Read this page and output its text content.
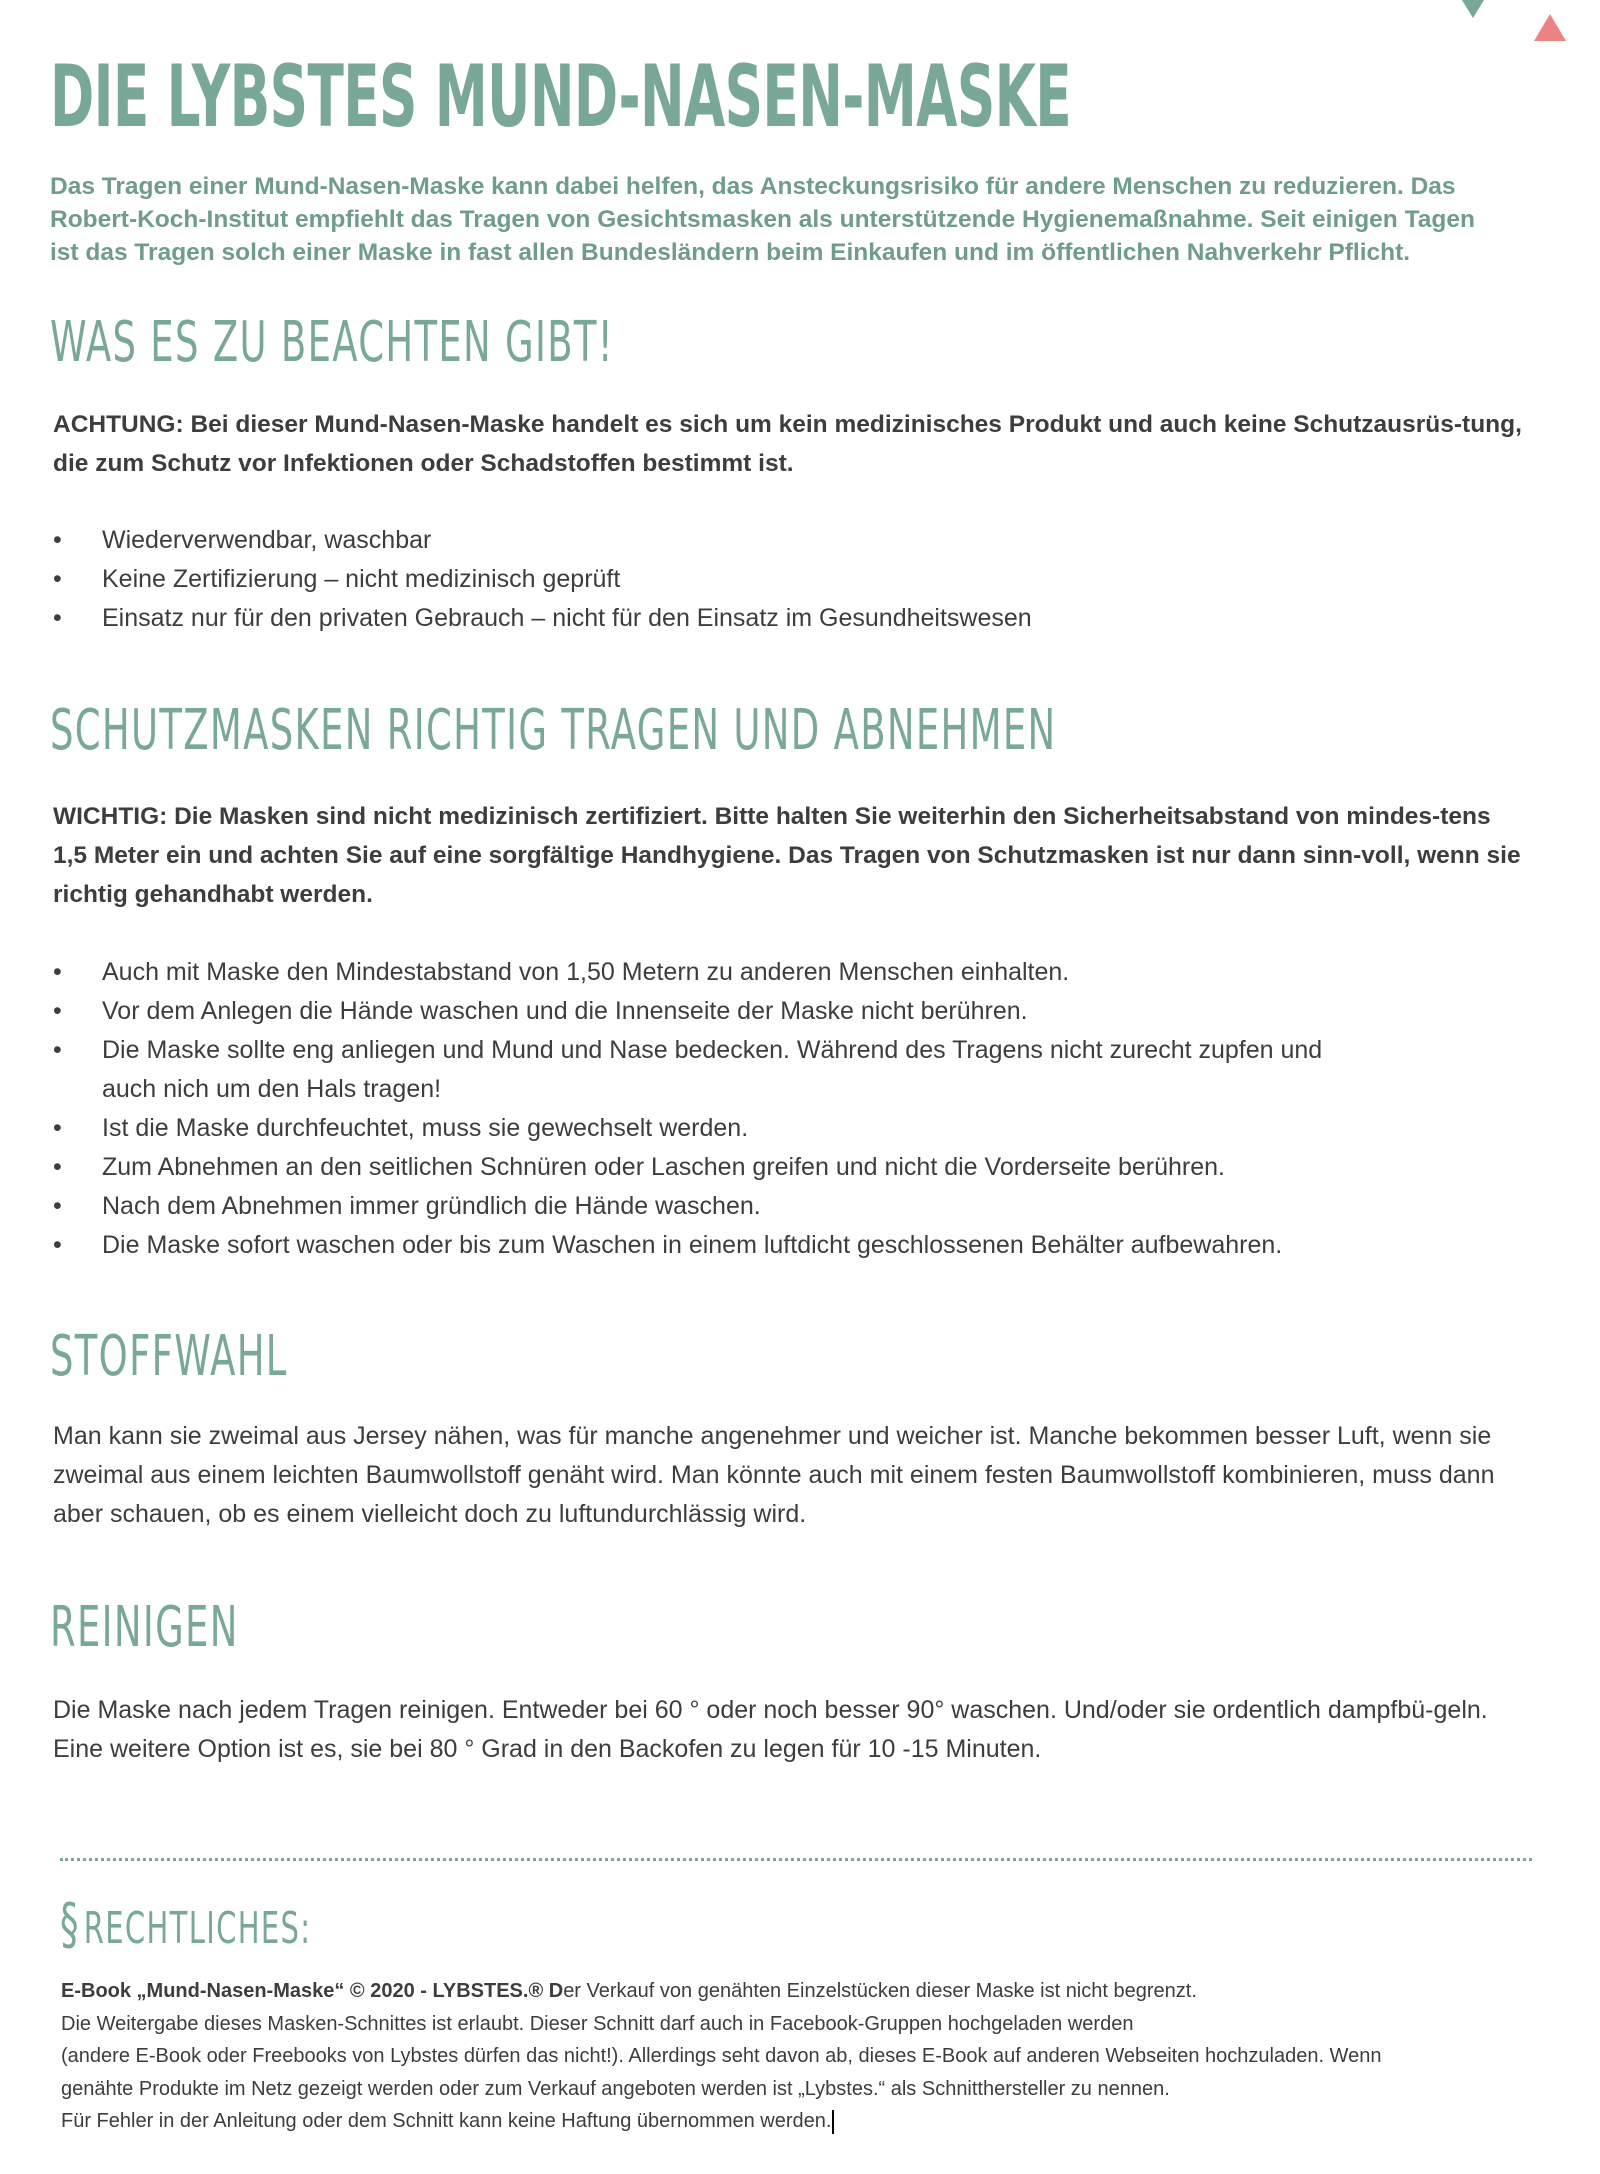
DIE LYBSTES MUND-NASEN-MASKE

Das Tragen einer Mund-Nasen-Maske kann dabei helfen, das Ansteckungsrisiko für andere Menschen zu reduzieren. Das Robert-Koch-Institut empfiehlt das Tragen von Gesichtsmasken als unterstützende Hygienemaßnahme. Seit einigen Tagen ist das Tragen solch einer Maske in fast allen Bundesländern beim Einkaufen und im öffentlichen Nahverkehr Pflicht.

WAS ES ZU BEACHTEN GIBT!

ACHTUNG: Bei dieser Mund-Nasen-Maske handelt es sich um kein medizinisches Produkt und auch keine Schutzausrüs-tung, die zum Schutz vor Infektionen oder Schadstoffen bestimmt ist.

• Wiederverwendbar, waschbar
• Keine Zertifizierung – nicht medizinisch geprüft
• Einsatz nur für den privaten Gebrauch – nicht für den Einsatz im Gesundheitswesen
SCHUTZMASKEN RICHTIG TRAGEN UND ABNEHMEN

WICHTIG: Die Masken sind nicht medizinisch zertifiziert. Bitte halten Sie weiterhin den Sicherheitsabstand von mindes-tens 1,5 Meter ein und achten Sie auf eine sorgfältige Handhygiene. Das Tragen von Schutzmasken ist nur dann sinn-voll, wenn sie richtig gehandhabt werden.

• Auch mit Maske den Mindestabstand von 1,50 Metern zu anderen Menschen einhalten.
• Vor dem Anlegen die Hände waschen und die Innenseite der Maske nicht berühren.
• Die Maske sollte eng anliegen und Mund und Nase bedecken. Während des Tragens nicht zurecht zupfen und auch nich um den Hals tragen!
• Ist die Maske durchfeuchtet, muss sie gewechselt werden.
• Zum Abnehmen an den seitlichen Schnüren oder Laschen greifen und nicht die Vorderseite berühren.
• Nach dem Abnehmen immer gründlich die Hände waschen.
• Die Maske sofort waschen oder bis zum Waschen in einem luftdicht geschlossenen Behälter aufbewahren.
STOFFWAHL

Man kann sie zweimal aus Jersey nähen, was für manche angenehmer und weicher ist. Manche bekommen besser Luft, wenn sie zweimal aus einem leichten Baumwollstoff genäht wird. Man könnte auch mit einem festen Baumwollstoff kombinieren, muss dann aber schauen, ob es einem vielleicht doch zu luftundurchlässig wird.

REINIGEN

Die Maske nach jedem Tragen reinigen. Entweder bei 60 ° oder noch besser 90° waschen. Und/oder sie ordentlich dampfbü-geln. Eine weitere Option ist es, sie bei 80 ° Grad in den Backofen zu legen für 10 -15 Minuten.

§RECHTLICHES:
E-Book „Mund-Nasen-Maske“ © 2020 - LYBSTES.® Der Verkauf von genähten Einzelstücken dieser Maske ist nicht begrenzt.
Die Weitergabe dieses Masken-Schnittes ist erlaubt. Dieser Schnitt darf auch in Facebook-Gruppen hochgeladen werden
(andere E-Book oder Freebooks von Lybstes dürfen das nicht!). Allerdings seht davon ab, dieses E-Book auf anderen Webseiten hochzuladen. Wenn
genähte Produkte im Netz gezeigt werden oder zum Verkauf angeboten werden ist „Lybstes.“ als Schnitthersteller zu nennen.
Für Fehler in der Anleitung oder dem Schnitt kann keine Haftung übernommen werden.
